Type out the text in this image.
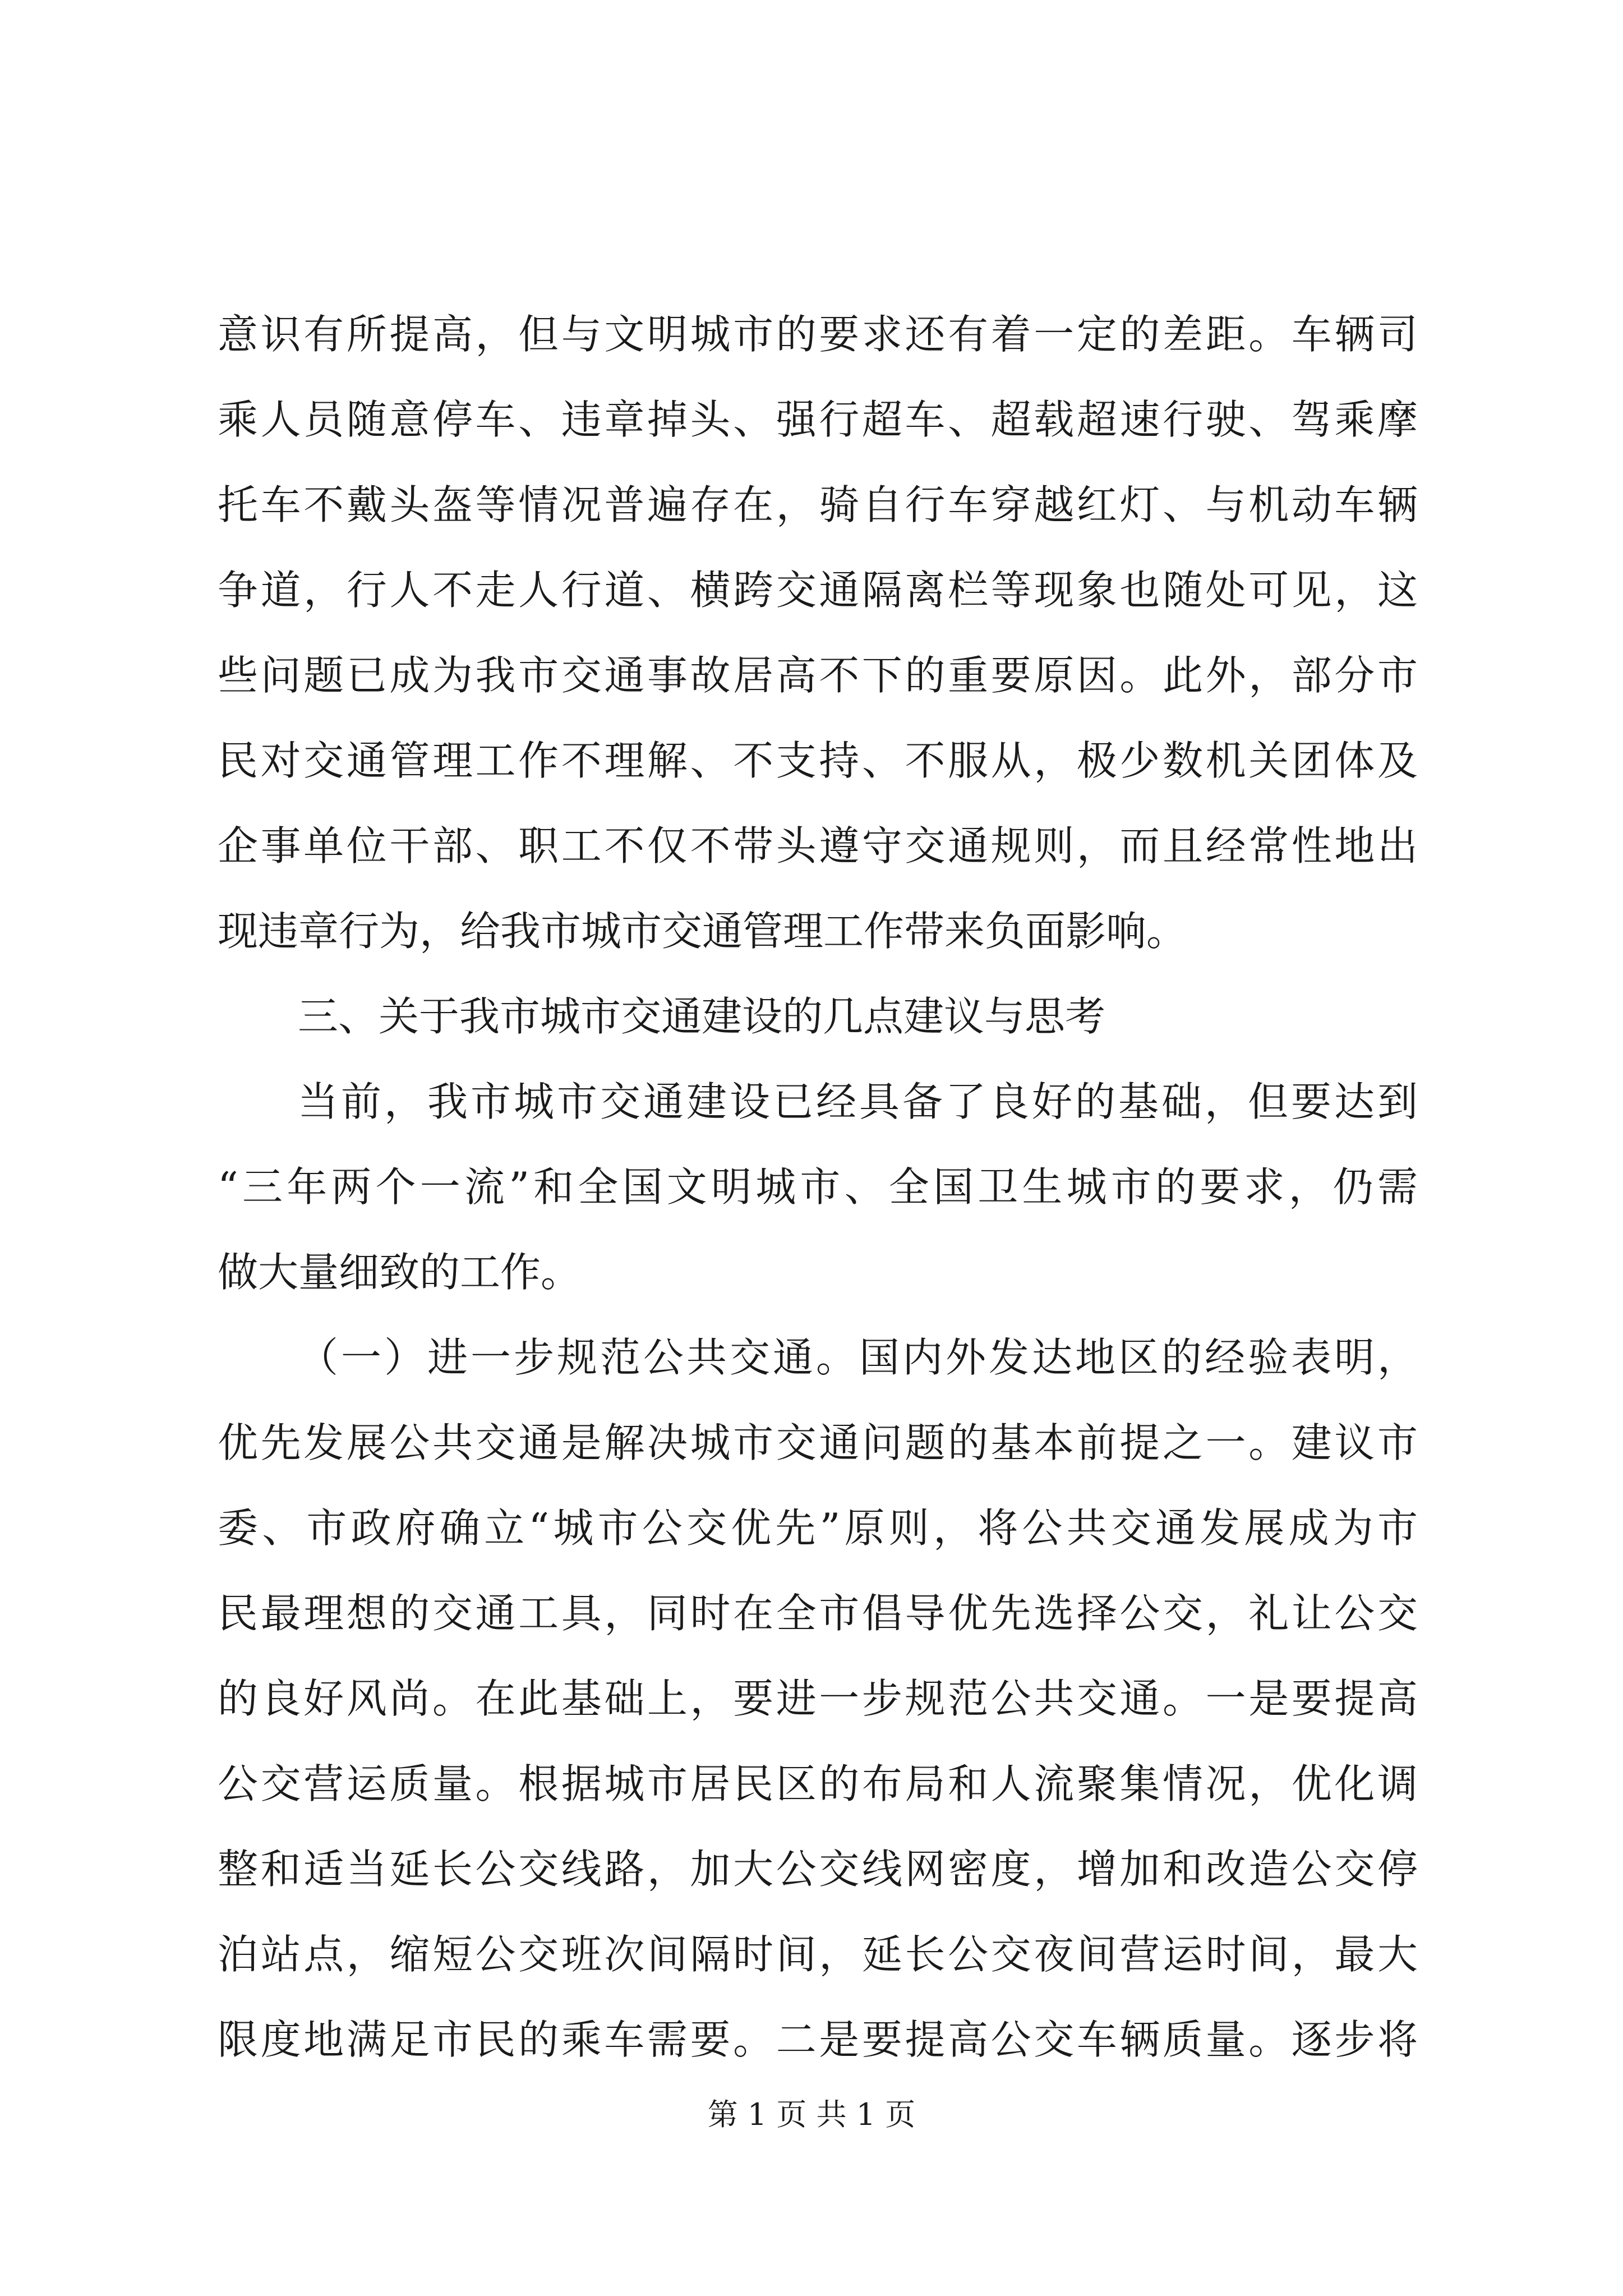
意识有所提高，但与文明城市的要求还有着一定的差距。车辆司
乘人员随意停车、违章掉头、强行超车、超载超速行驶、驾乘摩
托车不戴头盔等情况普遍存在，骑自行车穿越红灯、与机动车辆
争道，行人不走人行道、横跨交通隔离栏等现象也随处可见，这
些问题已成为我市交通事故居高不下的重要原因。此外，部分市
民对交通管理工作不理解、不支持、不服从，极少数机关团体及
企事单位干部、职工不仅不带头遵守交通规则，而且经常性地出
现违章行为，给我市城市交通管理工作带来负面影响。
三、关于我市城市交通建设的几点建议与思考
当前，我市城市交通建设已经具备了良好的基础，但要达到
“三年两个一流”和全国文明城市、全国卫生城市的要求，仍需
做大量细致的工作。
（一）进一步规范公共交通。国内外发达地区的经验表明，
优先发展公共交通是解决城市交通问题的基本前提之一。建议市
委、市政府确立“城市公交优先”原则，将公共交通发展成为市
民最理想的交通工具，同时在全市倡导优先选择公交，礼让公交
的良好风尚。在此基础上，要进一步规范公共交通。一是要提高
公交营运质量。根据城市居民区的布局和人流聚集情况，优化调
整和适当延长公交线路，加大公交线网密度，增加和改造公交停
泊站点，缩短公交班次间隔时间，延长公交夜间营运时间，最大
限度地满足市民的乘车需要。二是要提高公交车辆质量。逐步将
第 1 页 共 1 页
